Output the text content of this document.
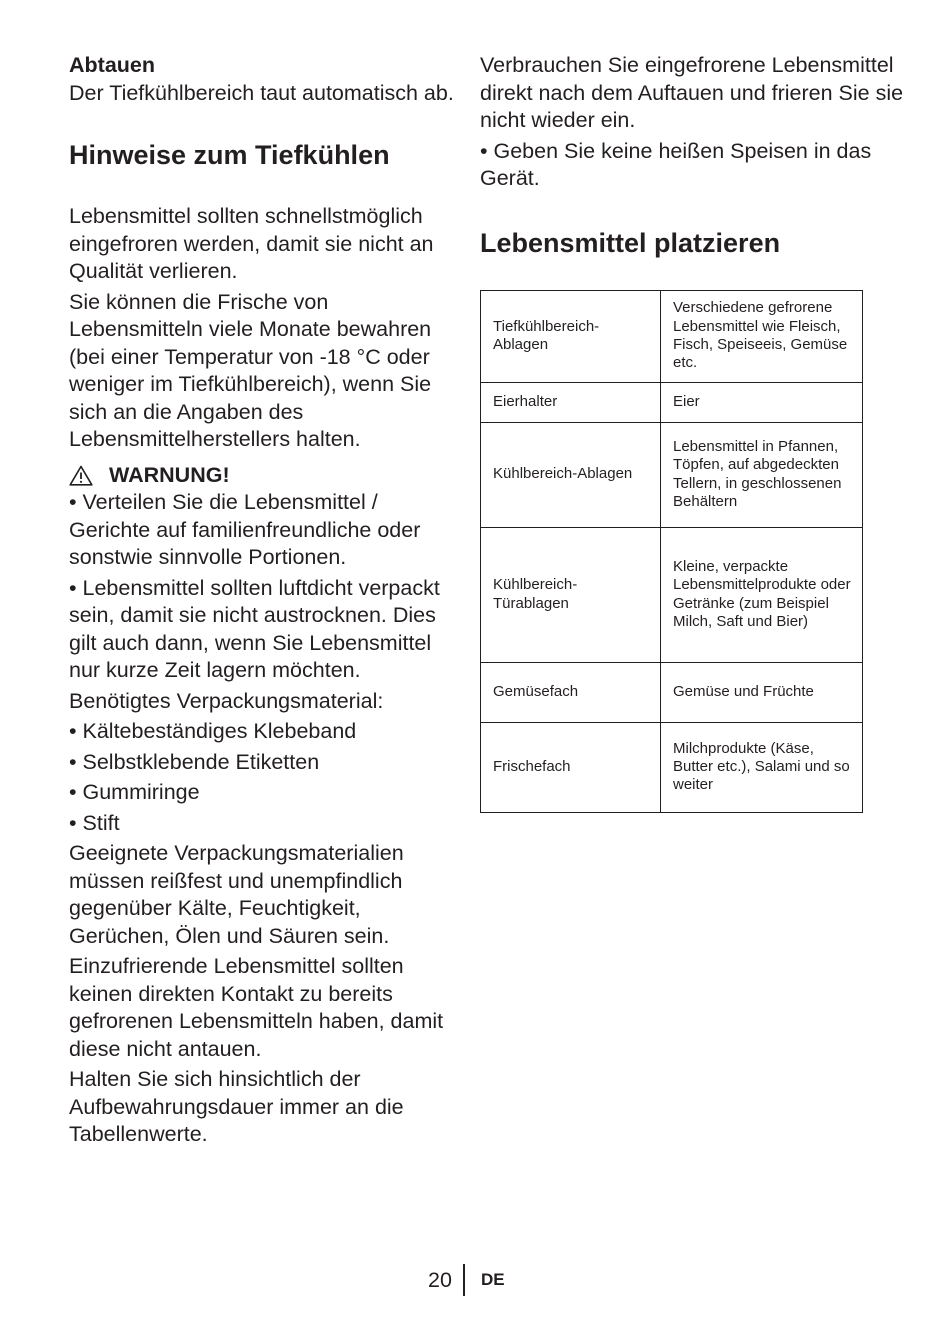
Abtauen

Der Tiefkühlbereich taut automatisch ab.

Hinweise zum Tiefkühlen

Lebensmittel sollten schnellstmöglich eingefroren werden, damit sie nicht an Qualität verlieren.

Sie können die Frische von Lebensmitteln viele Monate bewahren (bei einer Temperatur von -18 °C oder weniger im Tiefkühlbereich), wenn Sie sich an die Angaben des Lebensmittelherstellers halten.

WARNUNG!

• Verteilen Sie die Lebensmittel / Gerichte auf familienfreundliche oder sonstwie sinnvolle Portionen.

• Lebensmittel sollten luftdicht verpackt sein, damit sie nicht austrocknen. Dies gilt auch dann, wenn Sie Lebensmittel nur kurze Zeit lagern möchten.

Benötigtes Verpackungsmaterial:

• Kältebeständiges Klebeband

• Selbstklebende Etiketten

• Gummiringe

• Stift

Geeignete Verpackungsmaterialien müssen reißfest und unempfindlich gegenüber Kälte, Feuchtigkeit, Gerüchen, Ölen und Säuren sein.

Einzufrierende Lebensmittel sollten keinen direkten Kontakt zu bereits gefrorenen Lebensmitteln haben, damit diese nicht antauen.

Halten Sie sich hinsichtlich der Aufbewahrungsdauer immer an die Tabellenwerte.

Verbrauchen Sie eingefrorene Lebensmittel direkt nach dem Auftauen und frieren Sie sie nicht wieder ein.

• Geben Sie keine heißen Speisen in das Gerät.

Lebensmittel platzieren
Tiefkühlbereich-Ablagen	Verschiedene gefrorene Lebensmittel wie Fleisch, Fisch, Speiseeis, Gemüse etc.
Eierhalter	Eier
Kühlbereich-Ablagen	Lebensmittel in Pfannen, Töpfen, auf abgedeckten Tellern, in geschlossenen Behältern
Kühlbereich-Türablagen	Kleine, verpackte Lebensmittelprodukte oder Getränke (zum Beispiel Milch, Saft und Bier)
Gemüsefach	Gemüse und Früchte
Frischefach	Milchprodukte (Käse, Butter etc.), Salami und so weiter
20 DE
